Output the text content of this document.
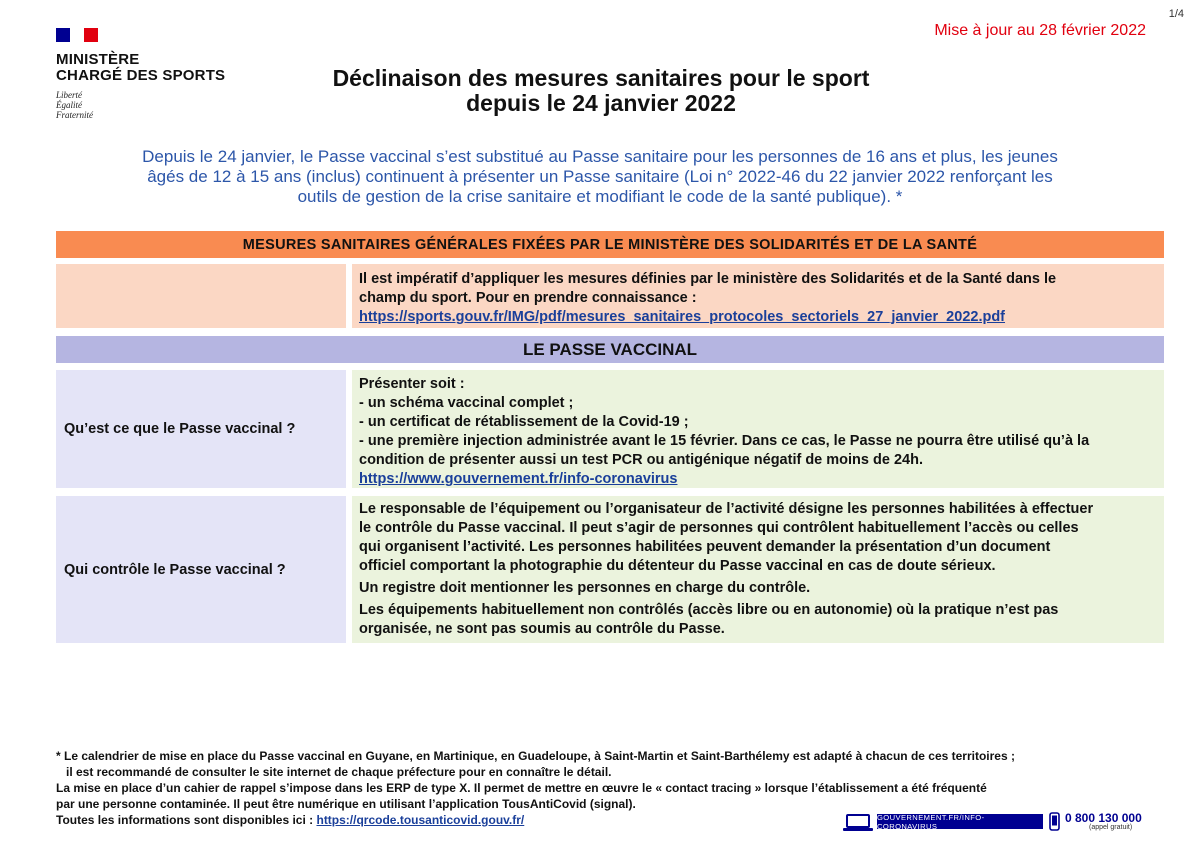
MINISTÈRE
CHARGÉ DES SPORTS
Liberté
Égalité
Fraternité
1/4
Mise à jour au 28 février 2022
Déclinaison des mesures sanitaires pour le sport
depuis le 24 janvier 2022
Depuis le 24 janvier, le Passe vaccinal s’est substitué au Passe sanitaire pour les personnes de 16 ans et plus, les jeunes
âgés de 12 à 15 ans (inclus) continuent à présenter un Passe sanitaire (Loi n° 2022-46 du 22 janvier 2022 renforçant les
outils de gestion de la crise sanitaire et modifiant le code de la santé publique). *
MESURES SANITAIRES GÉNÉRALES FIXÉES PAR LE MINISTÈRE DES SOLIDARITÉS ET DE LA SANTÉ
Il est impératif d’appliquer les mesures définies par le ministère des Solidarités et de la Santé dans le
champ du sport. Pour en prendre connaissance :
https://sports.gouv.fr/IMG/pdf/mesures_sanitaires_protocoles_sectoriels_27_janvier_2022.pdf
LE PASSE VACCINAL
Qu’est ce que le Passe vaccinal ?
Présenter soit :
- un schéma vaccinal complet ;
- un certificat de rétablissement de la Covid-19 ;
- une première injection administrée avant le 15 février. Dans ce cas, le Passe ne pourra être utilisé qu’à la
condition de présenter aussi un test PCR ou antigénique négatif de moins de 24h.
https://www.gouvernement.fr/info-coronavirus
Qui contrôle le Passe vaccinal ?

Le responsable de l’équipement ou l’organisateur de l’activité désigne les personnes habilitées à effectuer
le contrôle du Passe vaccinal. Il peut s’agir de personnes qui contrôlent habituellement l’accès ou celles
qui organisent l’activité. Les personnes habilitées peuvent demander la présentation d’un document
officiel comportant la photographie du détenteur du Passe vaccinal en cas de doute sérieux.

Un registre doit mentionner les personnes en charge du contrôle.

Les équipements habituellement non contrôlés (accès libre ou en autonomie) où la pratique n’est pas
organisée, ne sont pas soumis au contrôle du Passe.

* Le calendrier de mise en place du Passe vaccinal en Guyane, en Martinique, en Guadeloupe, à Saint-Martin et Saint-Barthélemy est adapté à chacun de ces territoires ;
il est recommandé de consulter le site internet de chaque préfecture pour en connaître le détail.
La mise en place d’un cahier de rappel s’impose dans les ERP de type X. Il permet de mettre en œuvre le « contact tracing » lorsque l’établissement a été fréquenté
par une personne contaminée. Il peut être numérique en utilisant l’application TousAntiCovid (signal).
Toutes les informations sont disponibles ici : https://qrcode.tousanticovid.gouv.fr/	GOUVERNEMENT.FR/INFO-CORONAVIRUS
0 800 130 000
(appel gratuit)
